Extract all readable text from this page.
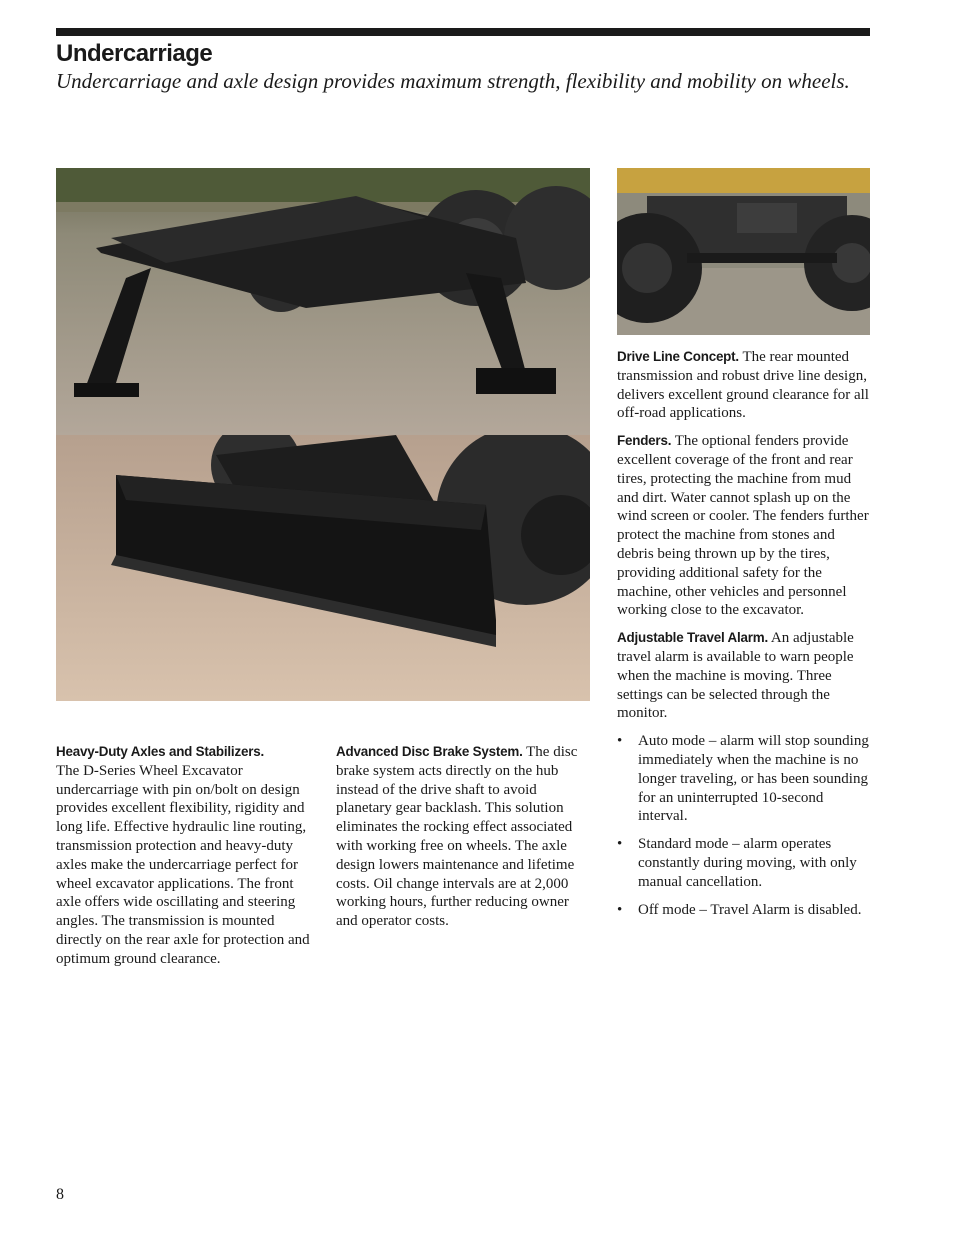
Undercarriage

Undercarriage and axle design provides maximum strength, flexibility and mobility on wheels.

Heavy-Duty Axles and Stabilizers.
The D-Series Wheel Excavator undercarriage with pin on/bolt on design provides excellent flexibility, rigidity and long life. Effective hydraulic line routing, transmission protection and heavy-duty axles make the undercarriage perfect for wheel excavator applications. The front axle offers wide oscillating and steering angles. The transmission is mounted directly on the rear axle for protection and optimum ground clearance.

Advanced Disc Brake System. The disc brake system acts directly on the hub instead of the drive shaft to avoid planetary gear backlash. This solution eliminates the rocking effect associated with working free on wheels. The axle design lowers maintenance and lifetime costs. Oil change intervals are at 2,000 working hours, further reducing owner and operator costs.

Drive Line Concept. The rear mounted transmission and robust drive line design, delivers excellent ground clearance for all off-road applications.

Fenders. The optional fenders provide excellent coverage of the front and rear tires, protecting the machine from mud and dirt. Water cannot splash up on the wind screen or cooler. The fenders further protect the machine from stones and debris being thrown up by the tires, providing additional safety for the machine, other vehicles and personnel working close to the excavator.

Adjustable Travel Alarm. An adjustable travel alarm is available to warn people when the machine is moving. Three settings can be selected through the monitor.

• Auto mode – alarm will stop sounding immediately when the machine is no longer traveling, or has been sounding for an uninterrupted 10-second interval.
• Standard mode – alarm operates constantly during moving, with only manual cancellation.
• Off mode – Travel Alarm is disabled.
8
